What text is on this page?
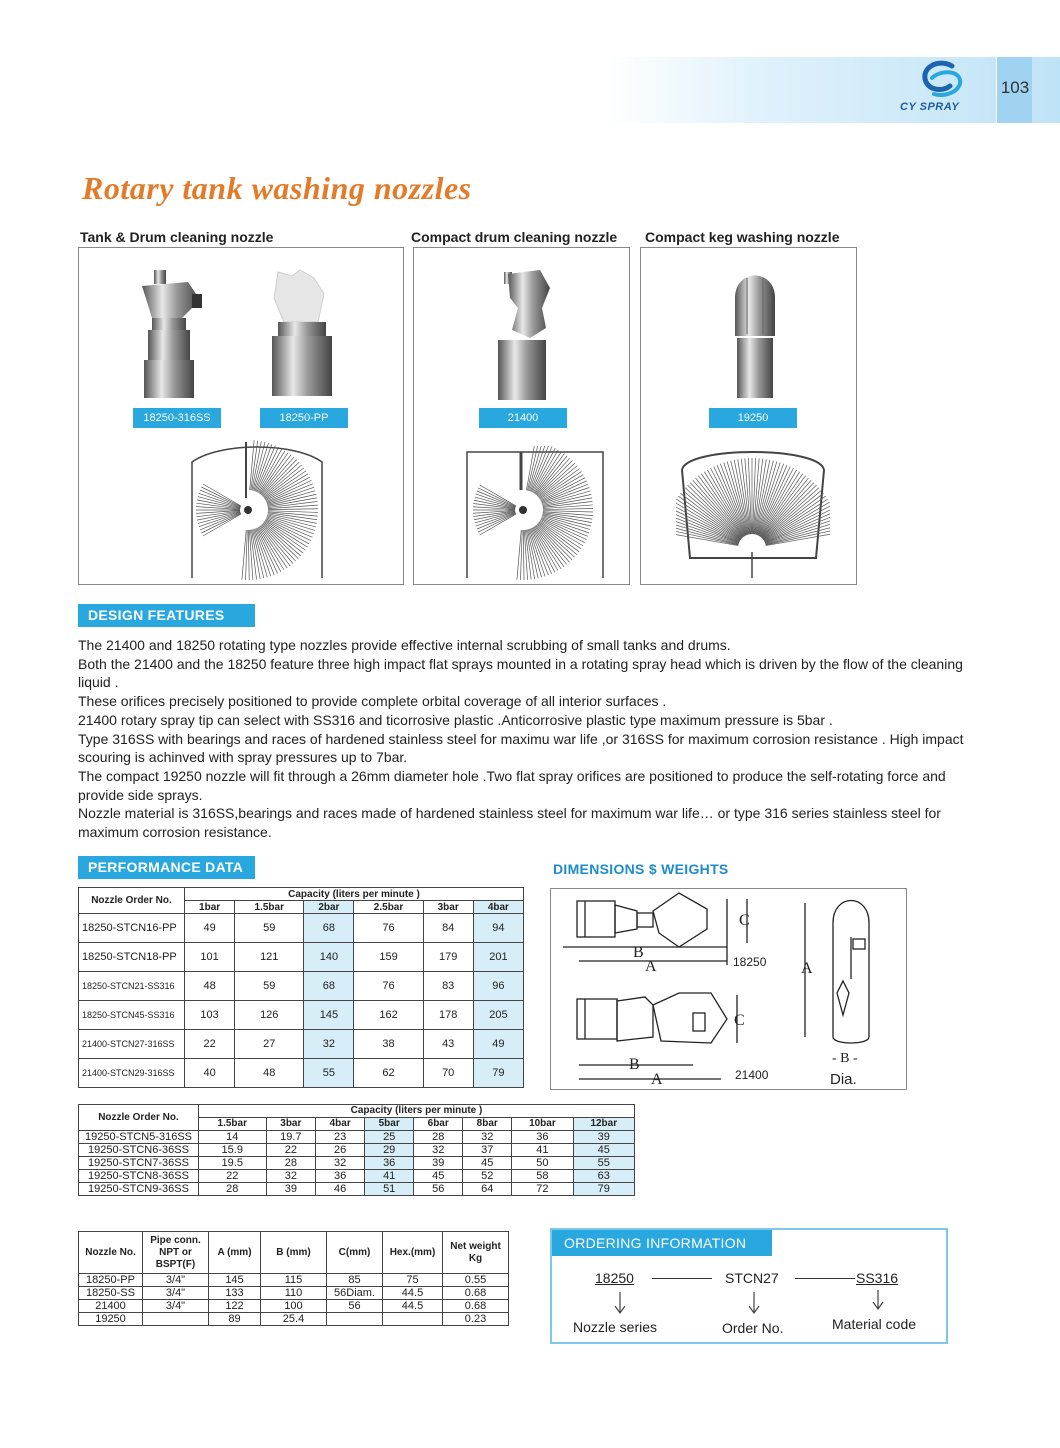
103
CY SPRAY
Rotary tank washing nozzles
Tank & Drum cleaning nozzle	Compact drum cleaning nozzle Compact keg washing nozzle
18250-316SS	18250-PP	21400	19250
DESIGN FEATURES

The 21400 and 18250 rotating type nozzles provide effective internal scrubbing of small tanks and drums.

Both the 21400 and the 18250 feature three high impact flat sprays mounted in a rotating spray head which is driven by the flow of the cleaning liquid .

These orifices precisely positioned to provide complete orbital coverage of all interior surfaces .

21400 rotary spray tip can select with SS316 and ticorrosive plastic .Anticorrosive plastic type maximum pressure is 5bar .

Type 316SS with bearings and races of hardened stainless steel for maximu war life ,or 316SS for maximum corrosion resistance . High impact scouring is achinved with spray pressures up to 7bar.

The compact 19250 nozzle will fit through a 26mm diameter hole .Two flat spray orifices are positioned to produce the self-rotating force and provide side sprays.

Nozzle material is 316SS,bearings and races made of hardened stainless steel for maximum war life… or type 316 series stainless steel for maximum corrosion resistance.

PERFORMANCE DATA
Nozzle Order No.	Capacity (liters per minute )					
	1bar	1.5bar	2bar	2.5bar	3bar	4bar
18250-STCN16-PP	49	59	68	76	84	94
18250-STCN18-PP	101	121	140	159	179	201
18250-STCN21-SS316	48	59	68	76	83	96
18250-STCN45-SS316	103	126	145	162	178	205
21400-STCN27-316SS	22	27	32	38	43	49
21400-STCN29-316SS	40	48	55	62	70	79
Nozzle Order No.	Capacity (liters per minute )							
	1.5bar	3bar	4bar	5bar	6bar	8bar	10bar	12bar
19250-STCN5-316SS	14	19.7	23	25	28	32	36	39
19250-STCN6-36SS	15.9	22	26	29	32	37	41	45
19250-STCN7-36SS	19.5	28	32	36	39	45	50	55
19250-STCN8-36SS	22	32	36	41	45	52	58	63
19250-STCN9-36SS	28	39	46	51	56	64	72	79
DIMENSIONS $ WEIGHTS
B
A
C
18250
B
A
C
21400
A
- B -
Dia.
Nozzle No.	Pipe conn. NPT or BSPT(F)	A (mm)	B (mm)	C(mm)	Hex.(mm)	Net weight Kg
18250-PP	3/4"	145	115	85	75	0.55
18250-SS	3/4"	133	110	56Diam.	44.5	0.68
21400	3/4"	122	100	56	44.5	0.68
19250		89	25.4			0.23
ORDERING INFORMATION
18250	STCN27	SS316
Nozzle series	Order No.	Material code
